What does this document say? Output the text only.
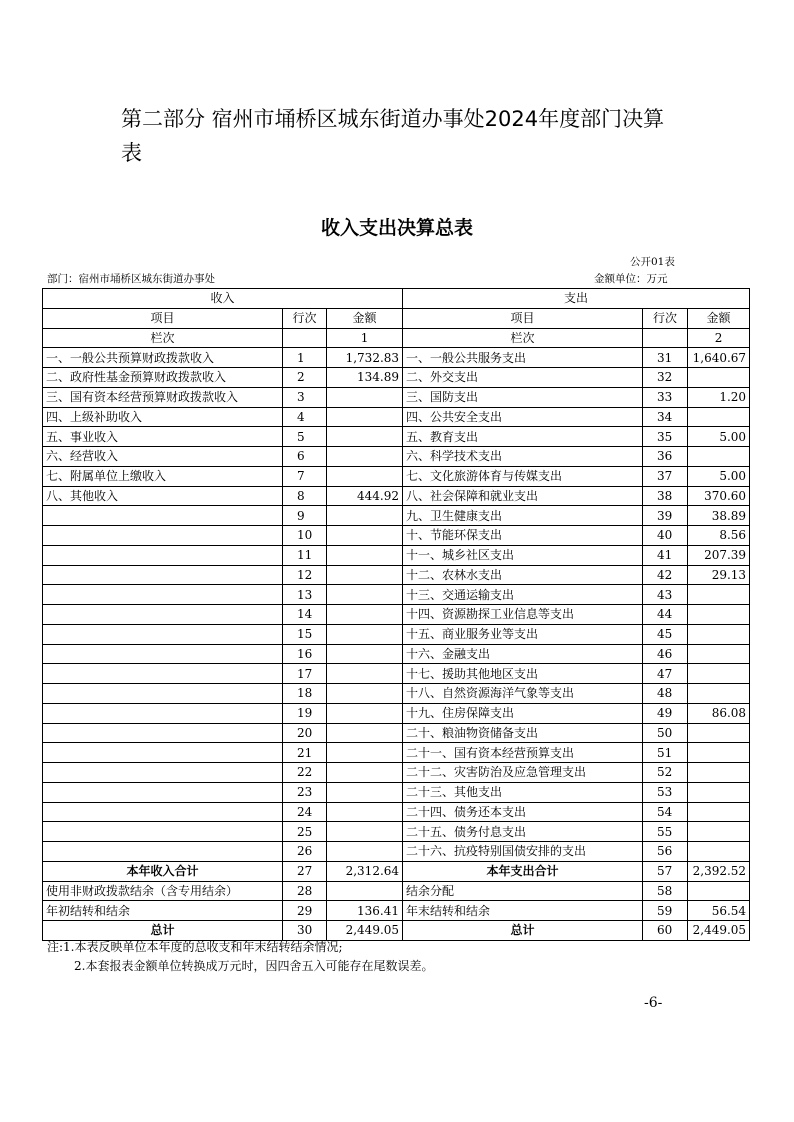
第二部分 宿州市埇桥区城东街道办事处2024年度部门决算表
收入支出决算总表
公开01表
部门：宿州市埇桥区城东街道办事处	金额单位：万元
收入			支出		
项目	行次	金额	项目	行次	金额
栏次		1	栏次		2
一、一般公共预算财政拨款收入	1	1,732.83	一、一般公共服务支出	31	1,640.67
二、政府性基金预算财政拨款收入	2	134.89	二、外交支出	32	
三、国有资本经营预算财政拨款收入	3		三、国防支出	33	1.20
四、上级补助收入	4		四、公共安全支出	34	
五、事业收入	5		五、教育支出	35	5.00
六、经营收入	6		六、科学技术支出	36	
七、附属单位上缴收入	7		七、文化旅游体育与传媒支出	37	5.00
八、其他收入	8	444.92	八、社会保障和就业支出	38	370.60
	9		九、卫生健康支出	39	38.89
	10		十、节能环保支出	40	8.56
	11		十一、城乡社区支出	41	207.39
	12		十二、农林水支出	42	29.13
	13		十三、交通运输支出	43	
	14		十四、资源勘探工业信息等支出	44	
	15		十五、商业服务业等支出	45	
	16		十六、金融支出	46	
	17		十七、援助其他地区支出	47	
	18		十八、自然资源海洋气象等支出	48	
	19		十九、住房保障支出	49	86.08
	20		二十、粮油物资储备支出	50	
	21		二十一、国有资本经营预算支出	51	
	22		二十二、灾害防治及应急管理支出	52	
	23		二十三、其他支出	53	
	24		二十四、债务还本支出	54	
	25		二十五、债务付息支出	55	
	26		二十六、抗疫特别国债安排的支出	56	
本年收入合计	27	2,312.64	本年支出合计	57	2,392.52
使用非财政拨款结余（含专用结余）	28		结余分配	58	
年初结转和结余	29	136.41	年末结转和结余	59	56.54
总计	30	2,449.05	总计	60	2,449.05
注:1.本表反映单位本年度的总收支和年末结转结余情况;
2.本套报表金额单位转换成万元时，因四舍五入可能存在尾数误差。
-6-
